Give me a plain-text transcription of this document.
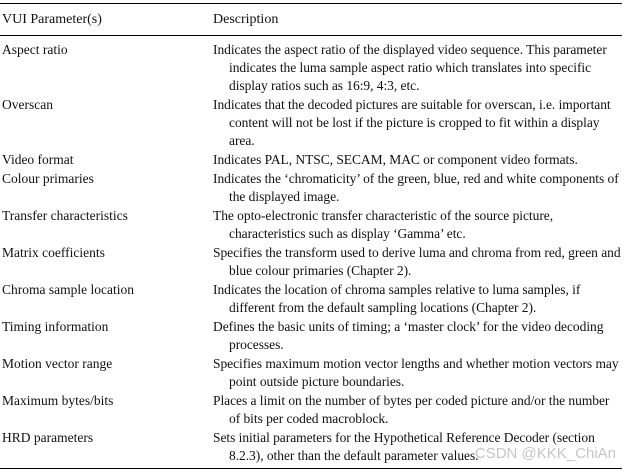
VUI Parameter(s)	Description
Aspect ratio	Indicates the aspect ratio of the displayed video sequence. This parameter indicates the luma sample aspect ratio which translates into specific display ratios such as 16:9, 4:3, etc.
Overscan	Indicates that the decoded pictures are suitable for overscan, i.e. important content will not be lost if the picture is cropped to fit within a display area.
Video format	Indicates PAL, NTSC, SECAM, MAC or component video formats.
Colour primaries	Indicates the ‘chromaticity’ of the green, blue, red and white components of the displayed image.
Transfer characteristics	The opto-electronic transfer characteristic of the source picture, characteristics such as display ‘Gamma’ etc.
Matrix coefficients	Specifies the transform used to derive luma and chroma from red, green and blue colour primaries (Chapter 2).
Chroma sample location	Indicates the location of chroma samples relative to luma samples, if different from the default sampling locations (Chapter 2).
Timing information	Defines the basic units of timing; a ‘master clock’ for the video decoding processes.
Motion vector range	Specifies maximum motion vector lengths and whether motion vectors may point outside picture boundaries.
Maximum bytes/bits	Places a limit on the number of bytes per coded picture and/or the number of bits per coded macroblock.
HRD parameters	Sets initial parameters for the Hypothetical Reference Decoder (section 8.2.3), other than the default parameter values.
CSDN @KKK_ChiAn
